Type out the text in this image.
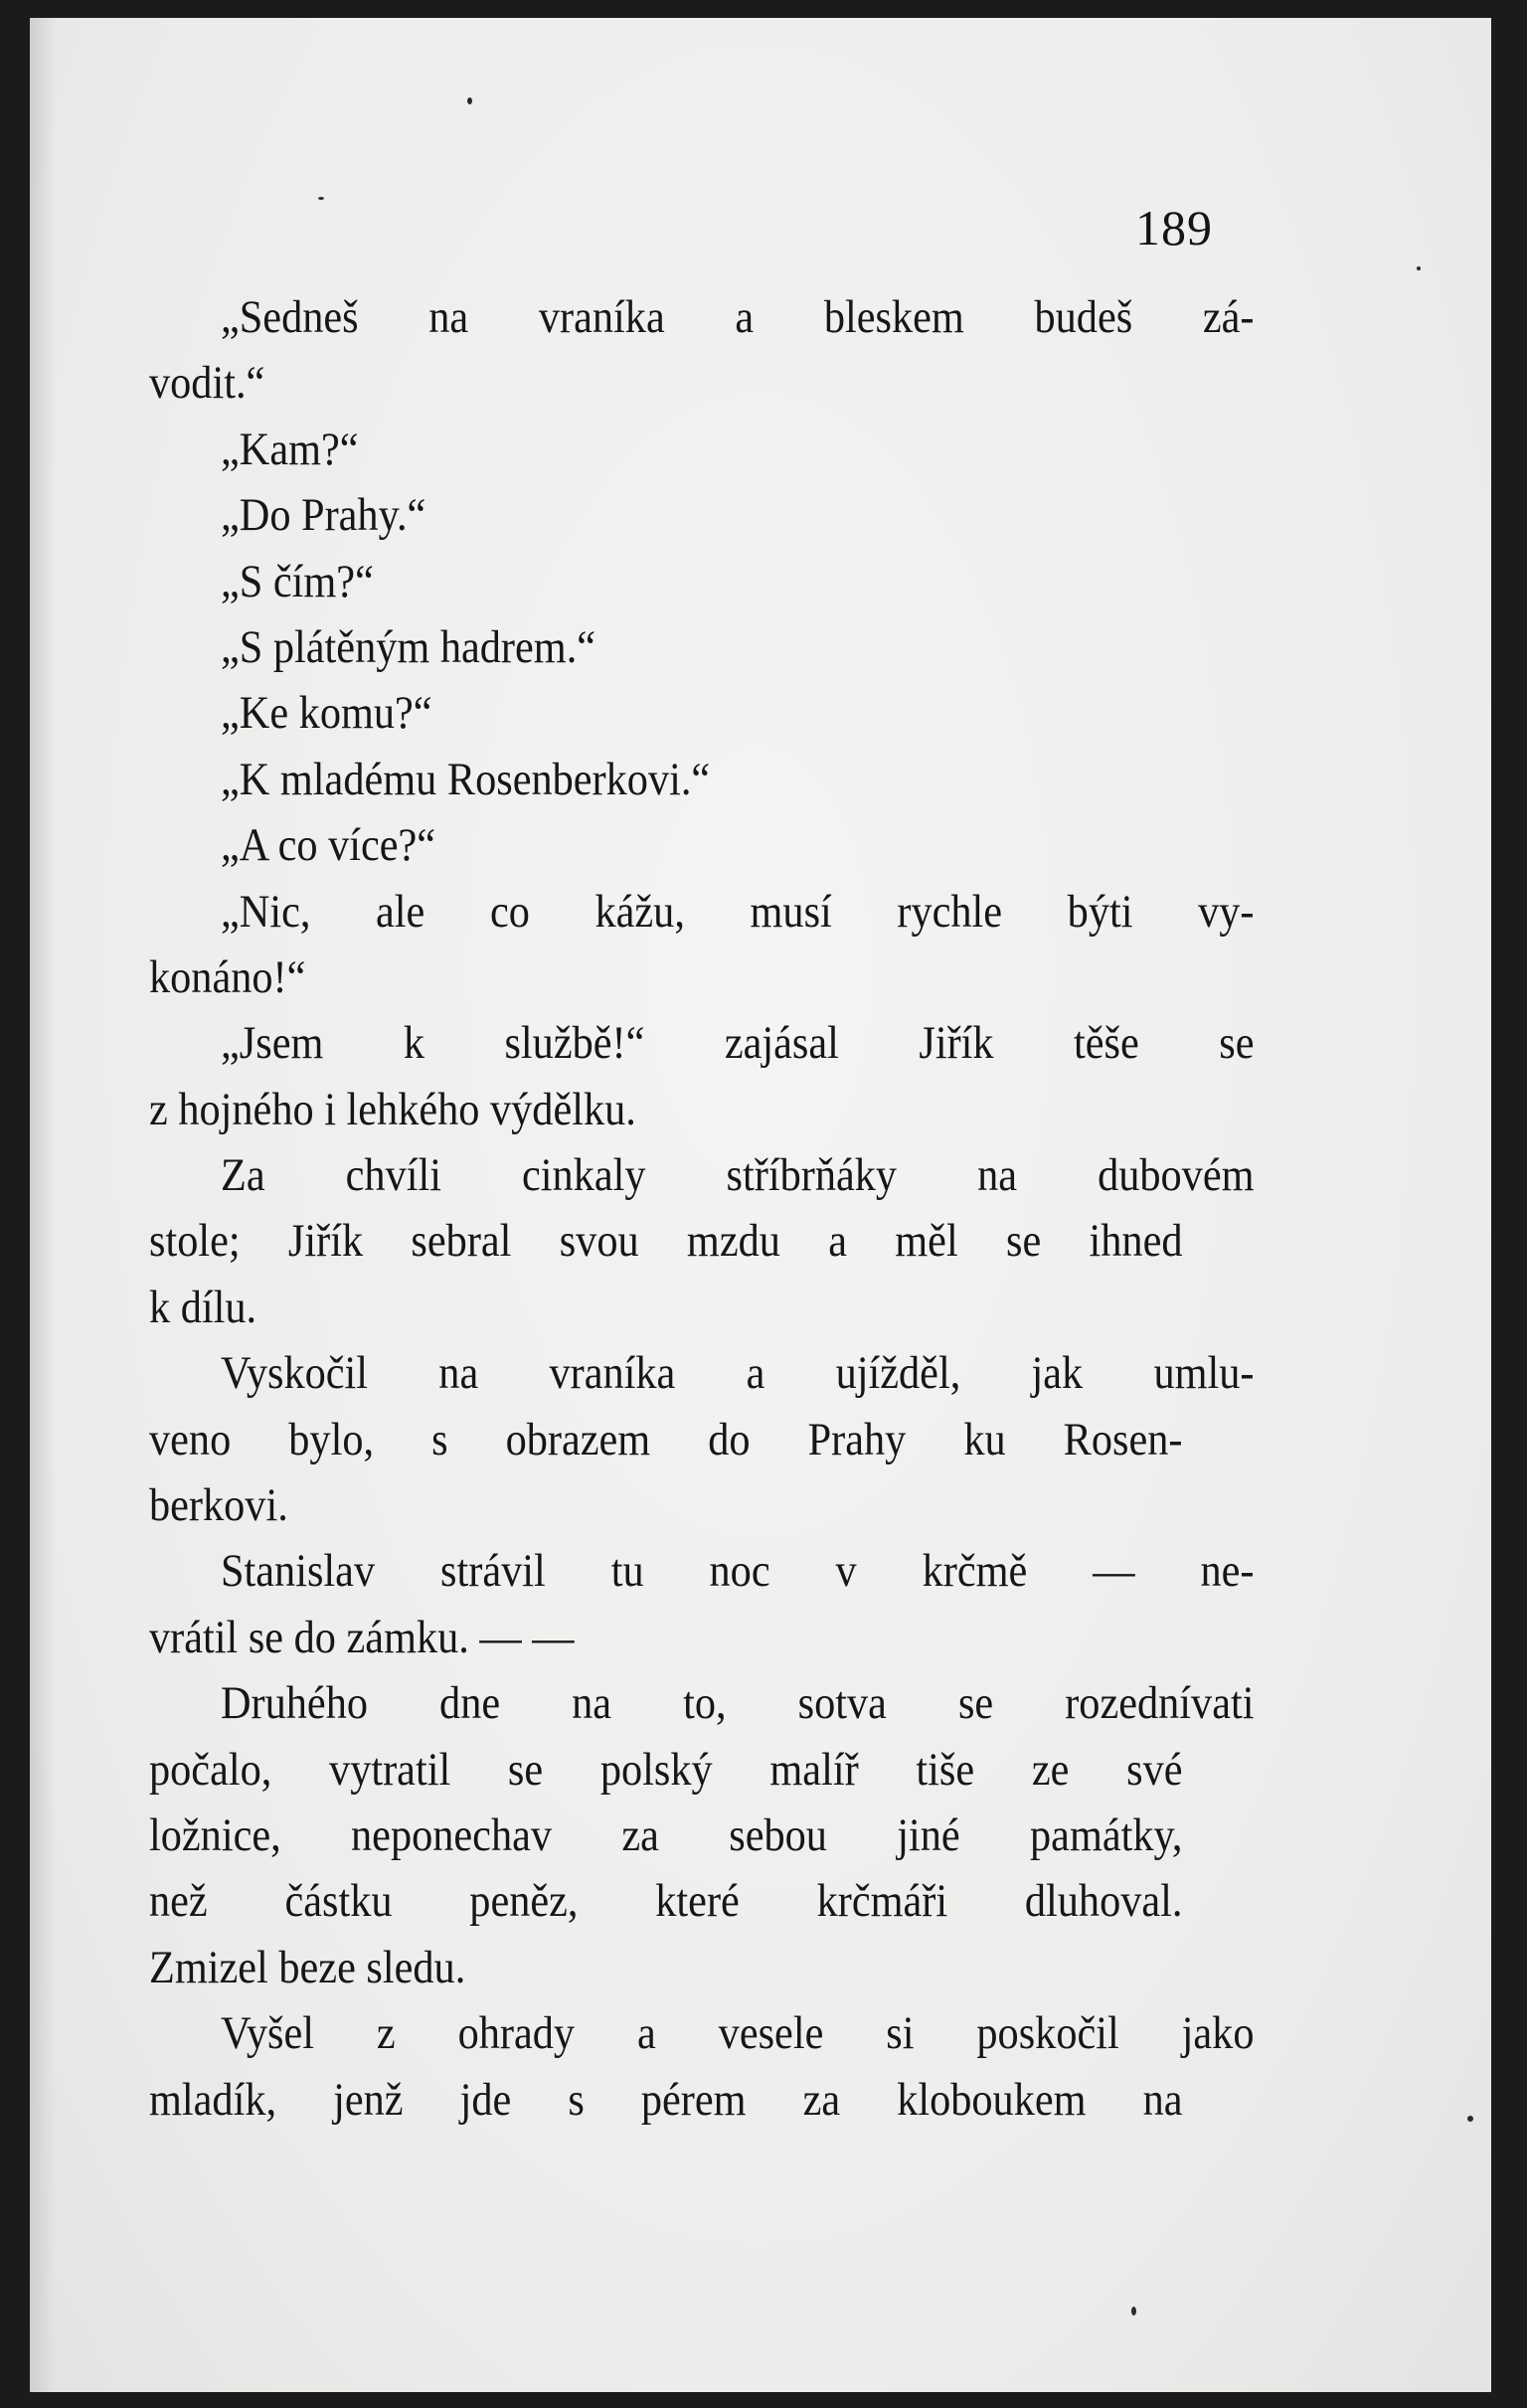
189
„Sedneš na vraníka a bleskem budeš zá-
vodit.“
„Kam?“
„Do Prahy.“
„S čím?“
„S plátěným hadrem.“
„Ke komu?“
„K mladému Rosenberkovi.“
„A co více?“
„Nic, ale co kážu, musí rychle býti vy-
konáno!“
„Jsem k službě!“ zajásal Jiřík těše se
z hojného i lehkého výdělku.
Za chvíli cinkaly stříbrňáky na dubovém
stole; Jiřík sebral svou mzdu a měl se ihned
k dílu.
Vyskočil na vraníka a ujížděl, jak umlu-
veno bylo, s obrazem do Prahy ku Rosen-
berkovi.
Stanislav strávil tu noc v krčmě — ne-
vrátil se do zámku. — —
Druhého dne na to, sotva se rozednívati
počalo, vytratil se polský malíř tiše ze své
ložnice, neponechav za sebou jiné památky,
než částku peněz, které krčmáři dluhoval.
Zmizel beze sledu.
Vyšel z ohrady a vesele si poskočil jako
mladík, jenž jde s pérem za kloboukem na
